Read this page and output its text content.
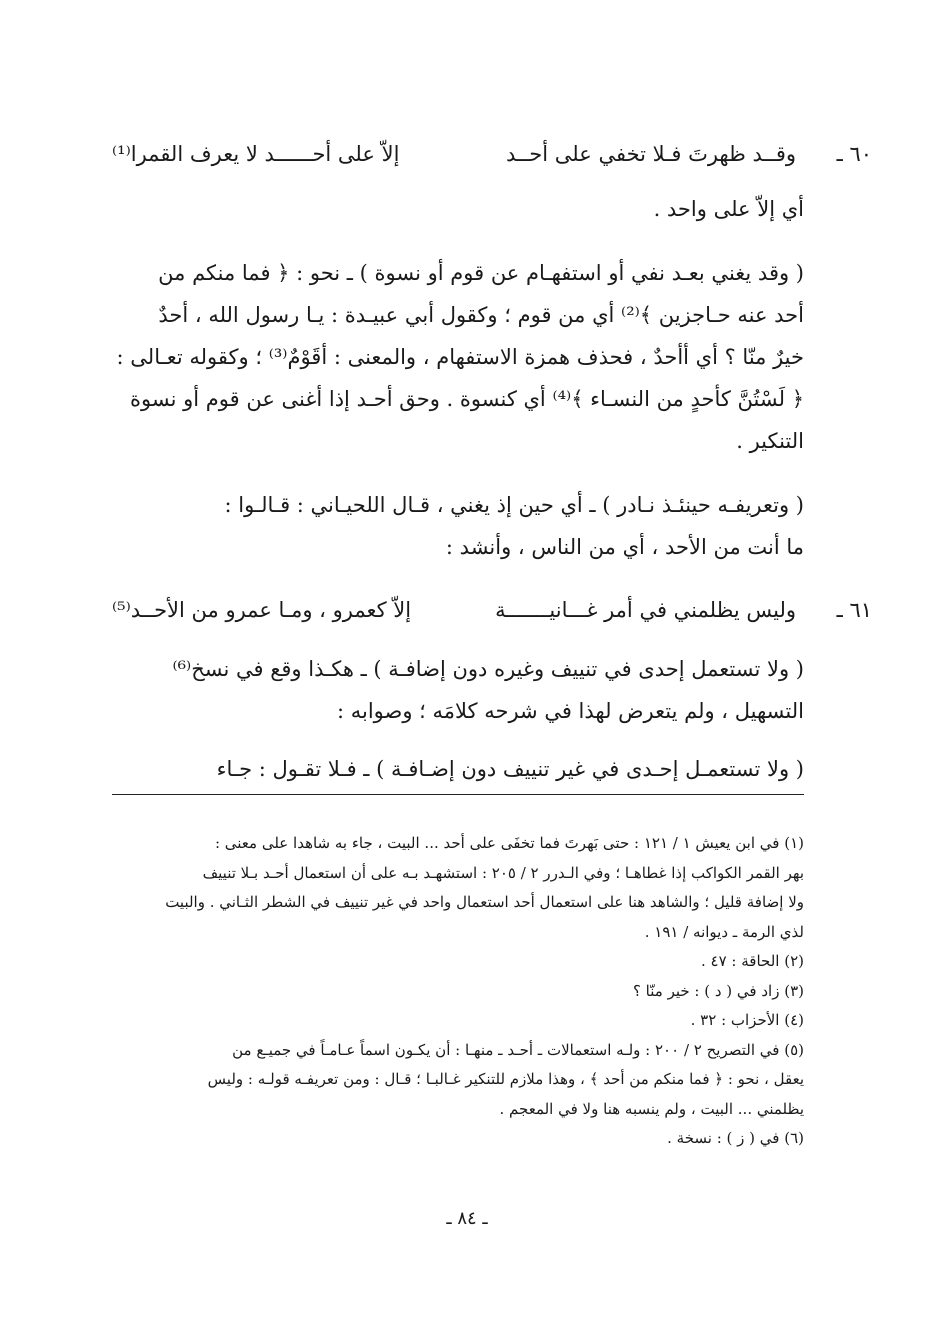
٦٠ ـ
وقــد ظهرتَ فـلا تخفي على أحــد
إلاّ على أحــــــد لا يعرف القمرا⁽¹⁾
أي إلاّ على واحد .
( وقد يغني بعـد نفي أو استفهـام عن قوم أو نسوة ) ـ نحو : ﴿ فما منكم من
أحد عنه حـاجزين ﴾⁽²⁾ أي من قوم ؛ وكقول أبي عبيـدة : يـا رسول الله ، أحدٌ
خيرٌ منّا ؟ أي أأحدٌ ، فحذف همزة الاستفهام ، والمعنى : أقَوْمٌ⁽³⁾ ؛ وكقوله تعـالى :
﴿ لَسْتُنَّ كأحدٍ من النسـاء ﴾⁽⁴⁾ أي كنسوة . وحق أحـد إذا أغنى عن قوم أو نسوة
التنكير .
( وتعريفـه حينئـذ نـادر ) ـ أي حين إذ يغني ، قـال اللحيـاني : قـالـوا :
ما أنت من الأحد ، أي من الناس ، وأنشد :
٦١ ـ
وليس يظلمني في أمر غـــانيـــــــة
إلاّ كعمرو ، ومـا عمرو من الأحــد⁽⁵⁾
( ولا تستعمل إحدى في تنييف وغيره دون إضافـة ) ـ هكـذا وقع في نسخ⁽⁶⁾
التسهيل ، ولم يتعرض لهذا في شرحه كلامَه ؛ وصوابه :
( ولا تستعمـل إحـدى في غير تنييف دون إضـافـة ) ـ فـلا تقـول : جـاء
(١) في ابن يعيش ١ / ١٢١ : حتى بَهرتَ فما تخفَى على أحد ... البيت ، جاء به شاهدا على معنى :
بهر القمر الكواكب إذا غطاهـا ؛ وفي الـدرر ٢ / ٢٠٥ : استشهـد بـه على أن استعمال أحـد بـلا تنييف
ولا إضافة قليل ؛ والشاهد هنا على استعمال أحد استعمال واحد في غير تنييف في الشطر الثـاني . والبيت
لذي الرمة ـ ديوانه / ١٩١ .
(٢) الحاقة : ٤٧ .
(٣) زاد في ( د ) : خير منّا ؟
(٤) الأحزاب : ٣٢ .
(٥) في التصريح ٢ / ٢٠٠ : ولـه استعمالات ـ أحـد ـ منهـا : أن يكـون اسماً عـامـاً في جميـع من
يعقل ، نحو : ﴿ فما منكم من أحد ﴾ ، وهذا ملازم للتنكير غـالبـا ؛ قـال : ومن تعريفـه قولـه : وليس
يظلمني ... البيت ، ولم ينسبه هنا ولا في المعجم .
(٦) في ( ز ) : نسخة .
ـ ٨٤ ـ
